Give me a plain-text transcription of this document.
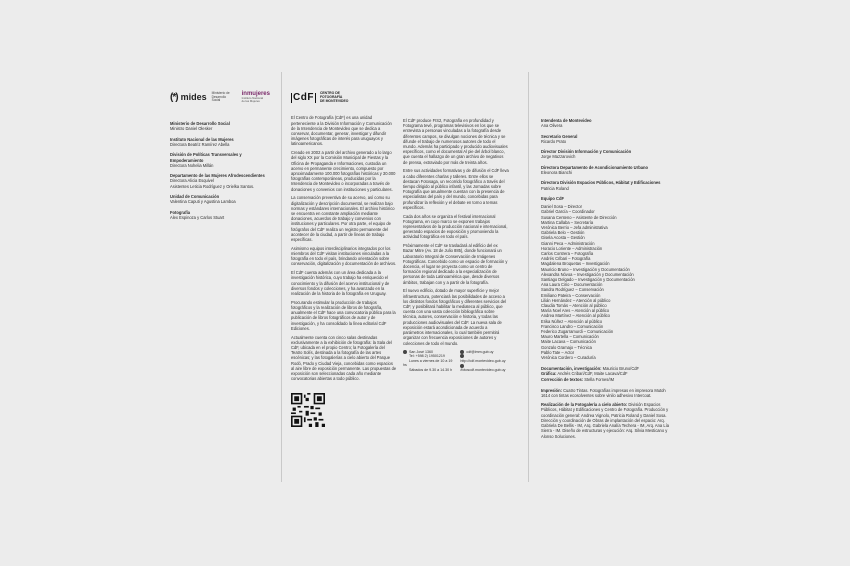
(*) mides Ministerio de
Desarrollo Social
inmujeres
Instituto Nacional
de las Mujeres
Ministerio de Desarrollo Social
Ministro Daniel Olesker
Instituto Nacional de las Mujeres
Directora Beatriz Ramírez Abella
División de Políticas Transversales y Empoderamiento
Directora Nohelia Millán
Departamento de las Mujeres Afrodescendientes
Directora Alicia Esquivel
Asistentes Leticia Rodríguez y Orielka Santos.
Unidad de Comunicación
Valentina Caputi y Agustina Lamboa
Fotografía
Alex Espinoza y Carlos Stuart
CdF	CENTRO DE
FOTOGRAFÍA
DE MONTEVIDEO

El Centro de Fotografía (CdF) es una unidad perteneciente a la División Información y Comunicación de la Intendencia de Montevideo que se dedica a conservar, documentar, generar, investigar y difundir imágenes fotográficas de interés para uruguayos y latinoamericanos.

Creado en 2002 a partir del archivo generado a lo largo del siglo XX por la Comisión Municipal de Fiestas y la Oficina de Propaganda e Informaciones, custodia un acervo en permanente crecimiento, compuesto por aproximadamente 100.000 fotografías históricas y 30.000 fotografías contemporáneas, producidas por la Intendencia de Montevideo o incorporadas a través de donaciones y convenios con instituciones y particulares.

La conservación preventiva de su acervo, así como su digitalización y descripción documental, se realizan bajo normas y estándares internacionales. El archivo histórico se encuentra en constante ampliación mediante donaciones, acuerdos de trabajo y convenios con instituciones y particulares. Por otra parte, el equipo de fotógrafos del CdF realiza un registro permanente del acontecer de la ciudad, a partir de líneas de trabajo específicas.

Asimismo equipos interdisciplinarios integrados por los miembros del CdF visitan instituciones vinculadas a la fotografía en todo el país, brindando orientación sobre conservación, digitalización y documentación de archivos.

El CdF cuenta además con un área dedicada a la investigación histórica, cuyo trabajo ha enriquecido el conocimiento y la difusión del acervo institucional y de diversos fondos y colecciones, y ha avanzado en la realización de la historia de la fotografía en Uruguay.

Procurando estimular la producción de trabajos fotográficos y la realización de libros de fotografía, anualmente el CdF hace una convocatoria pública para la publicación de libros fotográficos de autor y de investigación, y ha consolidado la línea editorial CdF Ediciones.

Actualmente cuenta con cinco salas destinadas exclusivamente a la exhibición de fotografía: la Sala del CdF, ubicada en el propio Centro; la Fotogalería del Teatro Solís, destinada a la fotografía de las artes escénicas; y las fotogalerías a cielo abierto del Parque Rodó, Prado y Ciudad Vieja, concebidas como espacios al aire libre de exposición permanente. Las propuestas de exposición son seleccionadas cada año mediante convocatorias abiertas a todo público.

El CdF produce FIS2, Fotografía en profundidad y Fotograma tevé, programas televisivos en los que se entrevista a personas vinculadas a la fotografía desde diferentes campos, se divulgan nociones de técnica y se difunde el trabajo de numerosos autores de todo el mundo. Además ha participado y producido audiovisuales específicos, como el documental Al pie del árbol blanco, que cuenta el hallazgo de un gran archivo de negativos de prensa, extraviado por más de treinta años.

Entre sus actividades formativas y de difusión el CdF lleva a cabo diferentes charlas y talleres. Entre ellos se destacan Fotosaga, un recorrido fotográfico a través del tiempo dirigido al público infantil, y las Jornadas sobre Fotografía que anualmente cuentan con la presencia de especialistas del país y del mundo, concebidas para profundizar la reflexión y el debate en torno a temas específicos.

Cada dos años se organiza el festival internacional Fotograma, en cuyo marco se exponen trabajos representativos de la producción nacional e internacional, generando espacios de exposición y promoviendo la actividad fotográfica en todo el país.

Próximamente el CdF se trasladará al edificio del ex Bazar Mitre (Av. 18 de Julio 885), donde funcionará un Laboratorio Integral de Conservación de Imágenes Fotográficas. Concebido como un espacio de formación y docencia, el lugar se proyecta como un centro de formación regional dedicado a la especialización de personas de toda Latinoamérica que, desde diversos ámbitos, trabajan con y a partir de la fotografía.

El nuevo edificio, dotado de mayor superficie y mejor infraestructura, potenciará las posibilidades de acceso a los distintos fondos fotográficos y diferentes servicios del CdF, y posibilitará habilitar la mediateca al público, que cuenta con una vasta colección bibliográfica sobre técnica, autores, conservación e historia, y todas las producciones audiovisuales del CdF. La nueva sala de exposición estará acondicionada de acuerdo a parámetros internacionales, lo cual también permitirá organizar con frecuencia exposiciones de autores y colecciones de todo el mundo.

San José 1360
Tel: +598 2) 19501219
Lunes a viernes de 10 a 19 hs
Sábados de 9.30 a 14.30 h
cdf@imm.gub.uy
http://cdf.montevideo.gub.uy
/fotoscdf.montevideo.gub.uy
Intendenta de Montevideo
Ana Olivera
Secretario General
Ricardo Prato
Director División Información y Comunicación
Jorge Mazzarovich
Directora Departamento de Acondicionamiento Urbano
Eleonora Bianchi
Directora División Espacios Públicos, Hábitat y Edificaciones
Patricia Roland
Equipo CdF

Daniel Sosa – Director

Gabriel García – Coordinador

Susana Centeno – Asistente de Dirección

Martina Callaba – Secretaría

Verónica Berrio – Jefa administrativa

Gabriela Belo – Gestión

Gisela Acosta – Gestión

Gianni Peca – Administración

Horacio Loriente – Administración

Carlos Contrera – Fotografía

Andrés Cribari – Fotografía

Magdalena Broquetas – Investigación

Mauricio Bruno – Investigación y Documentación

Alexandra Nóvoa – Investigación y Documentación

Santiago Delgado – Investigación y Documentación

Ana Laura Cirio – Documentación

Sandra Rodríguez – Conservación

Emiliano Pateira – Conservación

Lilián Hernández – Atención al público

Claudia Tomás – Atención al público

María Noel Ares – Atención al público

Andrea Martínez – Atención al público

Erika Núñez – Atención al público

Francisco Landro – Comunicación

Federico Zugarramurdi – Comunicación

Mauro Martella – Comunicación

Maite Lacava – Comunicación

Gonzalo Gramajo – Técnica

Pablo Tate – Actor

Verónica Cordero – Curaduría

Documentación, investigación: Mauricio Bruno/CdF
Gráfica: Andrés Cribari/CdF, Maite Lacava/CdF
Corrección de textos: Stella Fornes/IM

Impresión: Cuatro Tintas. Fotografías impresas en impresora Mutoh 1614 con tintas ecosolventes sobre vinilo adhesivo Intercoat.

Realización de la Fotogalería a cielo abierto: División Espacios Públicos, Hábitat y Edificaciones y Centro de Fotografía. Producción y coordinación general: Andrea Vignolo, Patricia Roland y Daniel Sosa. Dirección y coordinación de Obras de implantación del espacio: Arq. Gabriela De Bellis - IM, Arq. Gabriela Analía Techera - IM, Arq. Ana Lía Sierra - IM. Diseño de estructuras y ejecución: Arq. Silvia Mesticano y Alonso Soluciones.
